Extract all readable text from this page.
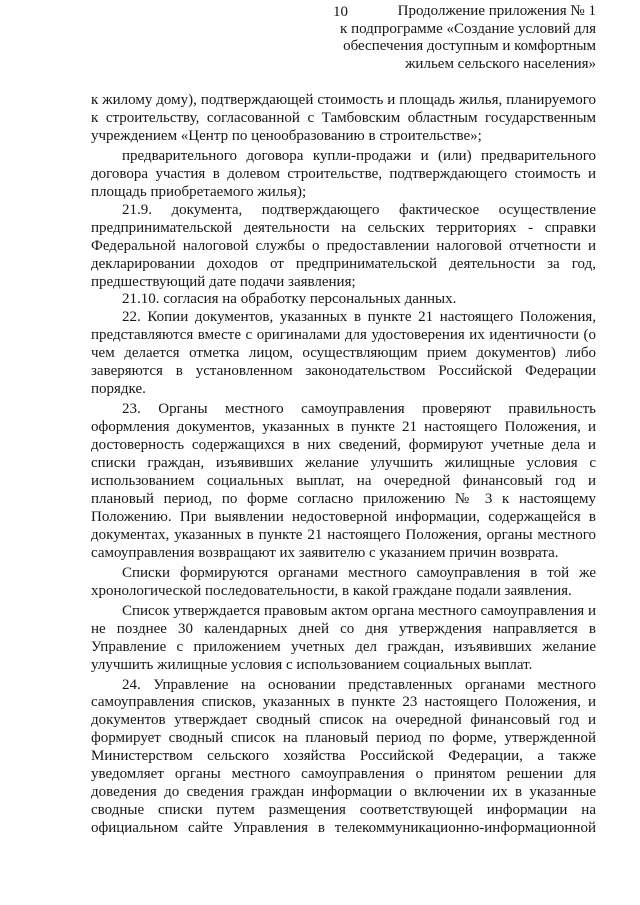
10	Продолжение приложения № 1
к подпрограмме «Создание условий для
обеспечения доступным и комфортным
жильем сельского населения»

к жилому дому), подтверждающей стоимость и площадь жилья, планируемого к строительству, согласованной с Тамбовским областным государственным учреждением «Центр по ценообразованию в строительстве»;

предварительного договора купли-продажи и (или) предварительного договора участия в долевом строительстве, подтверждающего стоимость и площадь приобретаемого жилья);

21.9. документа, подтверждающего фактическое осуществление предпринимательской деятельности на сельских территориях - справки Федеральной налоговой службы о предоставлении налоговой отчетности и декларировании доходов от предпринимательской деятельности за год, предшествующий дате подачи заявления;

21.10. согласия на обработку персональных данных.

22. Копии документов, указанных в пункте 21 настоящего Положения, представляются вместе с оригиналами для удостоверения их идентичности (о чем делается отметка лицом, осуществляющим прием документов) либо заверяются в установленном законодательством Российской Федерации порядке.

23. Органы местного самоуправления проверяют правильность оформления документов, указанных в пункте 21 настоящего Положения, и достоверность содержащихся в них сведений, формируют учетные дела и списки граждан, изъявивших желание улучшить жилищные условия с использованием социальных выплат, на очередной финансовый год и плановый период, по форме согласно приложению № 3 к настоящему Положению. При выявлении недостоверной информации, содержащейся в документах, указанных в пункте 21 настоящего Положения, органы местного самоуправления возвращают их заявителю с указанием причин возврата.

Списки формируются органами местного самоуправления в той же хронологической последовательности, в какой граждане подали заявления.

Список утверждается правовым актом органа местного самоуправления и не позднее 30 календарных дней со дня утверждения направляется в Управление с приложением учетных дел граждан, изъявивших желание улучшить жилищные условия с использованием социальных выплат.

24. Управление на основании представленных органами местного самоуправления списков, указанных в пункте 23 настоящего Положения, и документов утверждает сводный список на очередной финансовый год и формирует сводный список на плановый период по форме, утвержденной Министерством сельского хозяйства Российской Федерации, а также уведомляет органы местного самоуправления о принятом решении для доведения до сведения граждан информации о включении их в указанные сводные списки путем размещения соответствующей информации на официальном сайте Управления в телекоммуникационно-информационной
